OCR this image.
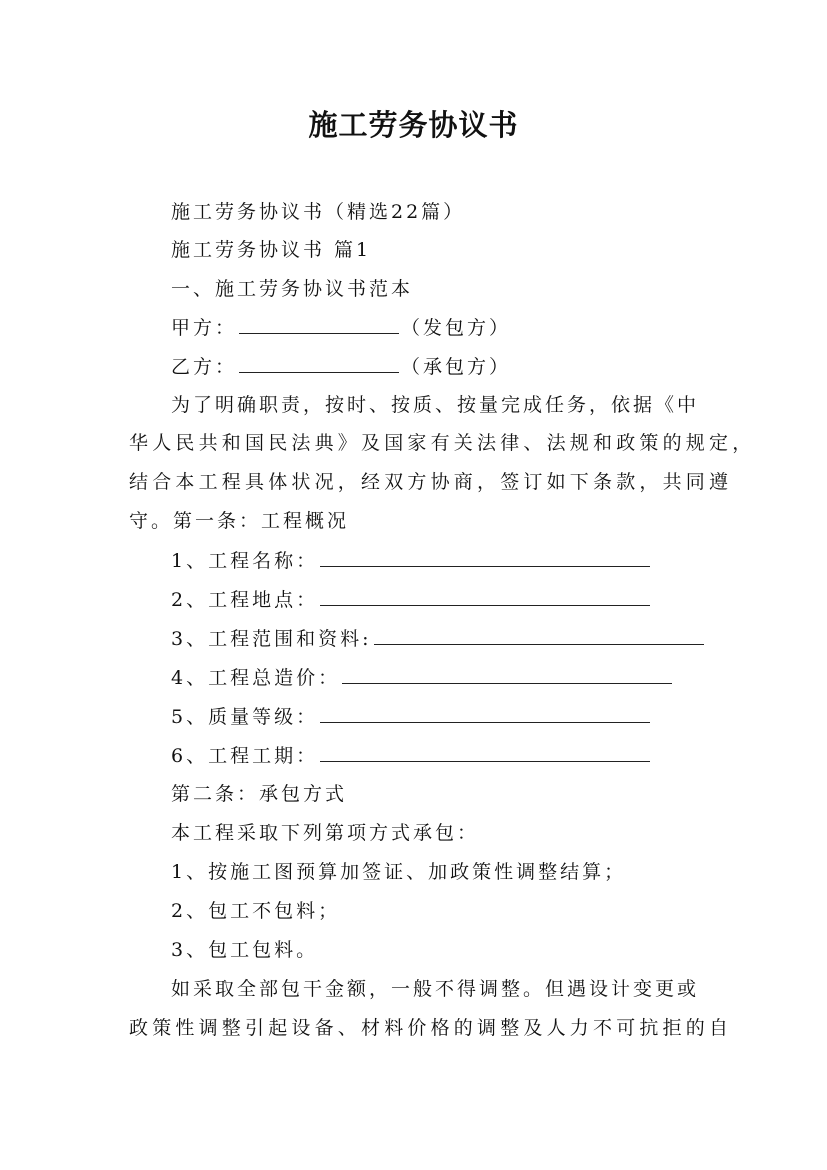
施工劳务协议书
施工劳务协议书（精选22篇）
施工劳务协议书 篇1
一、施工劳务协议书范本
甲方：	（发包方）
乙方：	（承包方）
为了明确职责，按时、按质、按量完成任务，依据《中
华人民共和国民法典》及国家有关法律、法规和政策的规定，
结合本工程具体状况，经双方协商，签订如下条款，共同遵
守。第一条：工程概况
1、工程名称：
2、工程地点：
3、工程范围和资料:
4、工程总造价：
5、质量等级：
6、工程工期：
第二条：承包方式
本工程采取下列第项方式承包：
1、按施工图预算加签证、加政策性调整结算；
2、包工不包料；
3、包工包料。
如采取全部包干金额，一般不得调整。但遇设计变更或
政策性调整引起设备、材料价格的调整及人力不可抗拒的自
